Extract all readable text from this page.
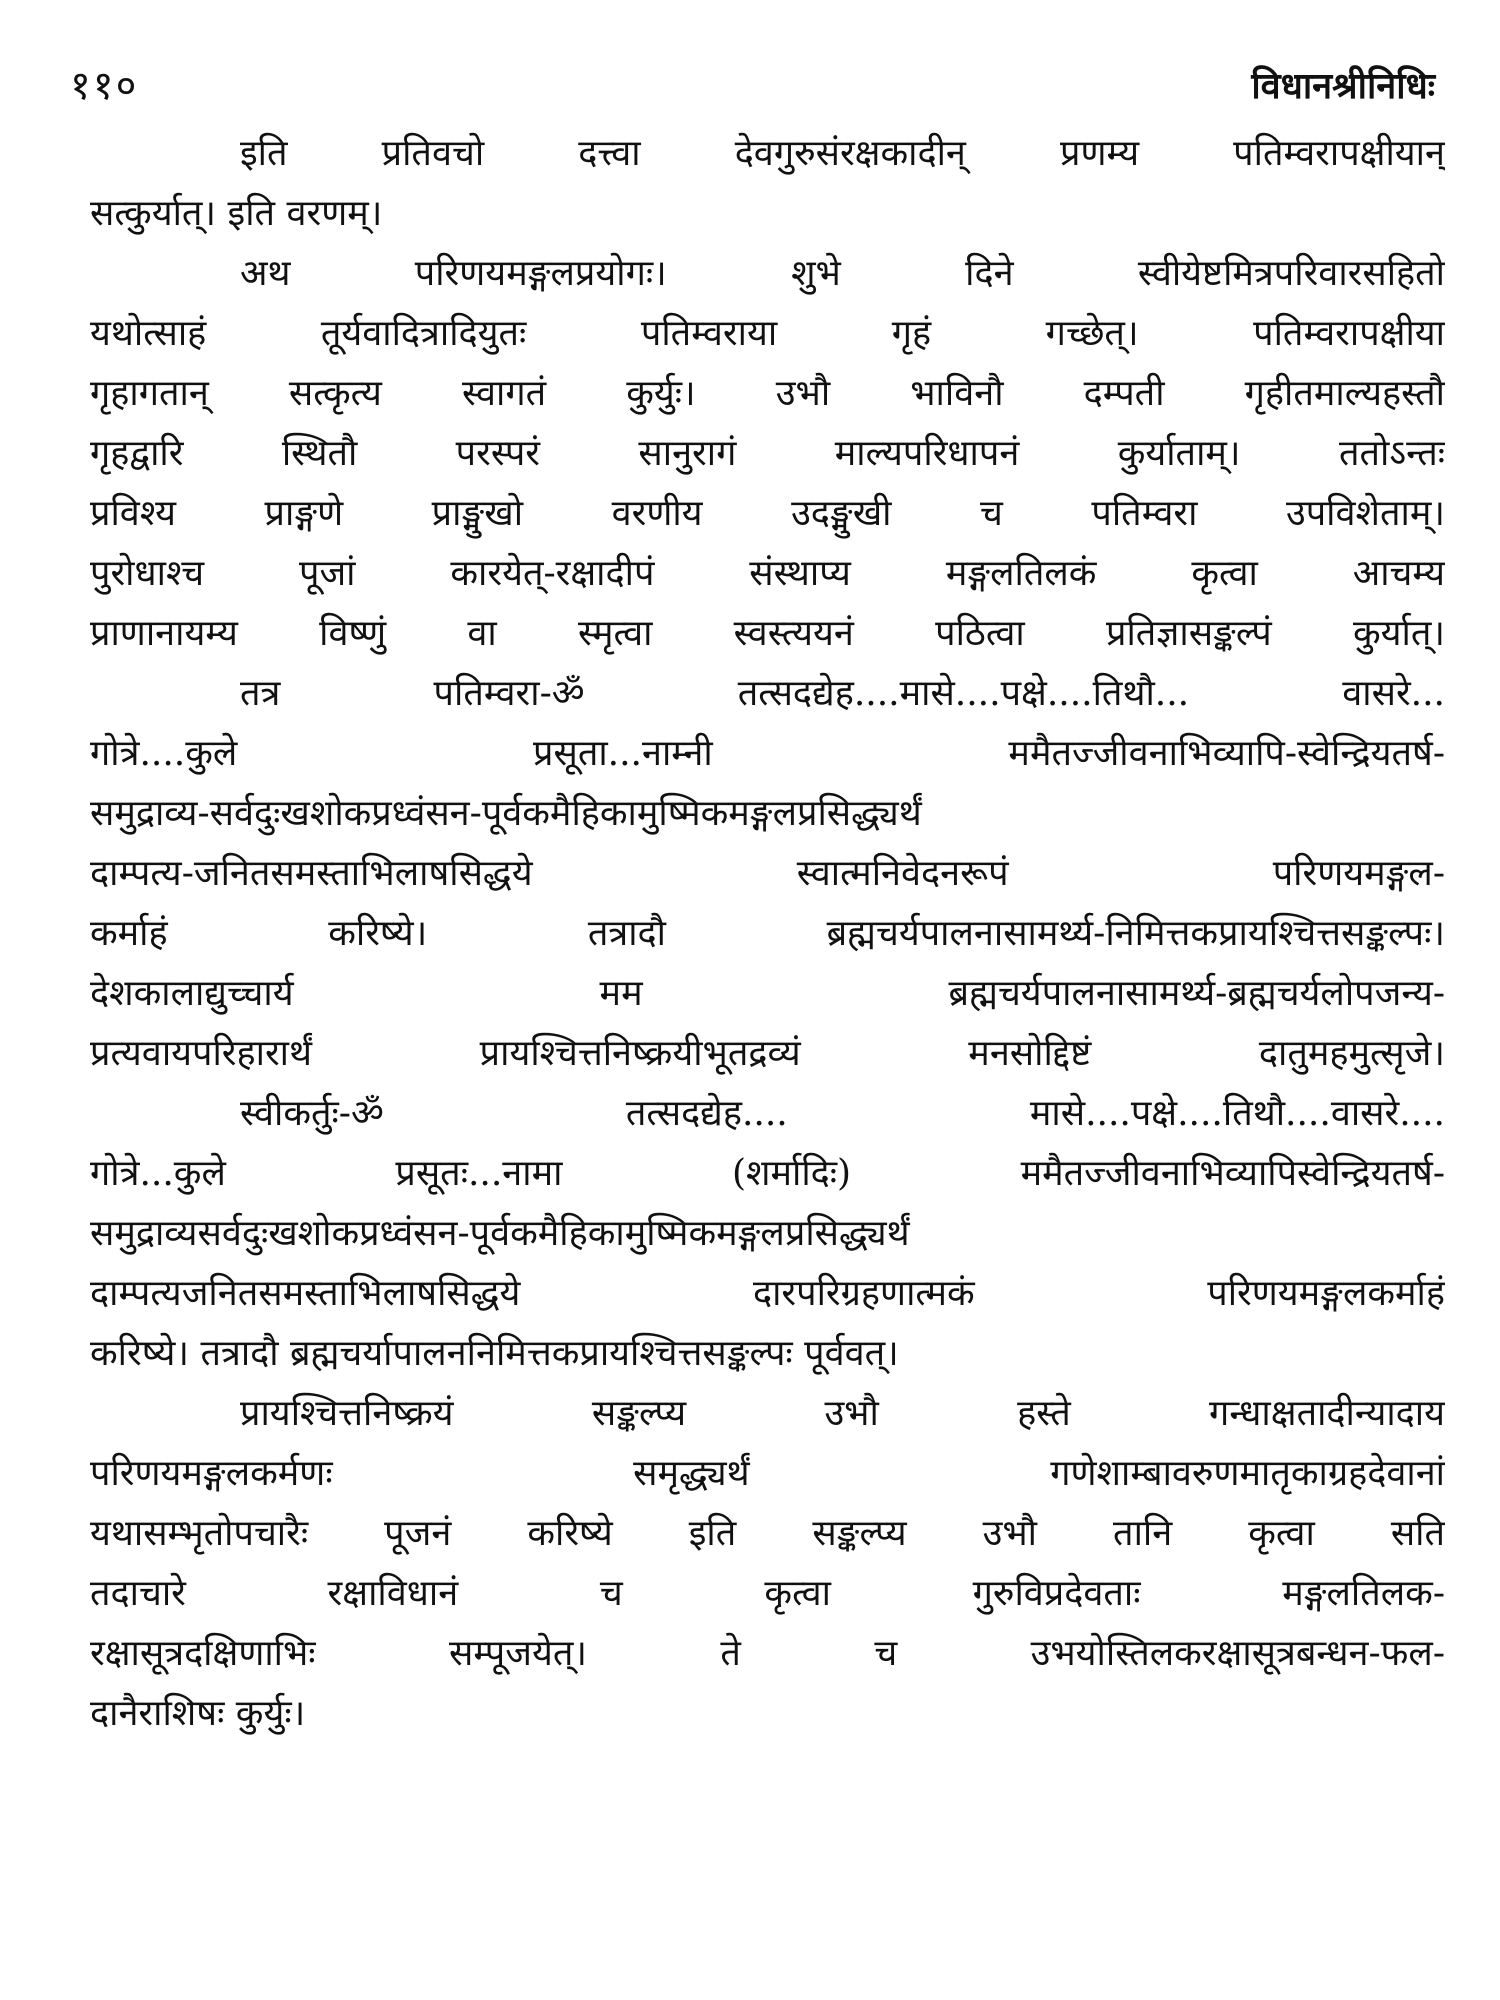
११०	विधानश्रीनिधिः
इति प्रतिवचो दत्त्वा देवगुरुसंरक्षकादीन् प्रणम्य पतिम्वरापक्षीयान्
सत्कुर्यात्। इति वरणम्।
अथ परिणयमङ्गलप्रयोगः। शुभे दिने स्वीयेष्टमित्रपरिवारसहितो
यथोत्साहं तूर्यवादित्रादियुतः पतिम्वराया गृहं गच्छेत्। पतिम्वरापक्षीया
गृहागतान् सत्कृत्य स्वागतं कुर्युः। उभौ भाविनौ दम्पती गृहीतमाल्यहस्तौ
गृहद्वारि स्थितौ परस्परं सानुरागं माल्यपरिधापनं कुर्याताम्। ततोऽन्तः
प्रविश्य प्राङ्गणे प्राङ्मुखो वरणीय उदङ्मुखी च पतिम्वरा उपविशेताम्।
पुरोधाश्च पूजां कारयेत्-रक्षादीपं संस्थाप्य मङ्गलतिलकं कृत्वा आचम्य
प्राणानायम्य विष्णुं वा स्मृत्वा स्वस्त्ययनं पठित्वा प्रतिज्ञासङ्कल्पं कुर्यात्।
तत्र पतिम्वरा-ॐ तत्सदद्येह....मासे....पक्षे....तिथौ... वासरे...
गोत्रे....कुले प्रसूता...नाम्नी ममैतज्जीवनाभिव्यापि-स्वेन्द्रियतर्ष-
समुद्राव्य-सर्वदुःखशोकप्रध्वंसन-पूर्वकमैहिकामुष्मिकमङ्गलप्रसिद्ध्यर्थं
दाम्पत्य-जनितसमस्ताभिलाषसिद्धये स्वात्मनिवेदनरूपं परिणयमङ्गल-
कर्माहं करिष्ये। तत्रादौ ब्रह्मचर्यपालनासामर्थ्य-निमित्तकप्रायश्चित्तसङ्कल्पः।
देशकालाद्युच्चार्य मम ब्रह्मचर्यपालनासामर्थ्य-ब्रह्मचर्यलोपजन्य-
प्रत्यवायपरिहारार्थं प्रायश्चित्तनिष्क्रयीभूतद्रव्यं मनसोद्दिष्टं दातुमहमुत्सृजे।
स्वीकर्तुः-ॐ तत्सदद्येह.... मासे....पक्षे....तिथौ....वासरे....
गोत्रे...कुले प्रसूतः...नामा (शर्मादिः) ममैतज्जीवनाभिव्यापिस्वेन्द्रियतर्ष-
समुद्राव्यसर्वदुःखशोकप्रध्वंसन-पूर्वकमैहिकामुष्मिकमङ्गलप्रसिद्ध्यर्थं
दाम्पत्यजनितसमस्ताभिलाषसिद्धये दारपरिग्रहणात्मकं परिणयमङ्गलकर्माहं
करिष्ये। तत्रादौ ब्रह्मचर्यापालननिमित्तकप्रायश्चित्तसङ्कल्पः पूर्ववत्।
प्रायश्चित्तनिष्क्रयं सङ्कल्प्य उभौ हस्ते गन्धाक्षतादीन्यादाय
परिणयमङ्गलकर्मणः समृद्ध्यर्थं गणेशाम्बावरुणमातृकाग्रहदेवानां
यथासम्भृतोपचारैः पूजनं करिष्ये इति सङ्कल्प्य उभौ तानि कृत्वा सति
तदाचारे रक्षाविधानं च कृत्वा गुरुविप्रदेवताः मङ्गलतिलक-
रक्षासूत्रदक्षिणाभिः सम्पूजयेत्। ते च उभयोस्तिलकरक्षासूत्रबन्धन-फल-
दानैराशिषः कुर्युः।
